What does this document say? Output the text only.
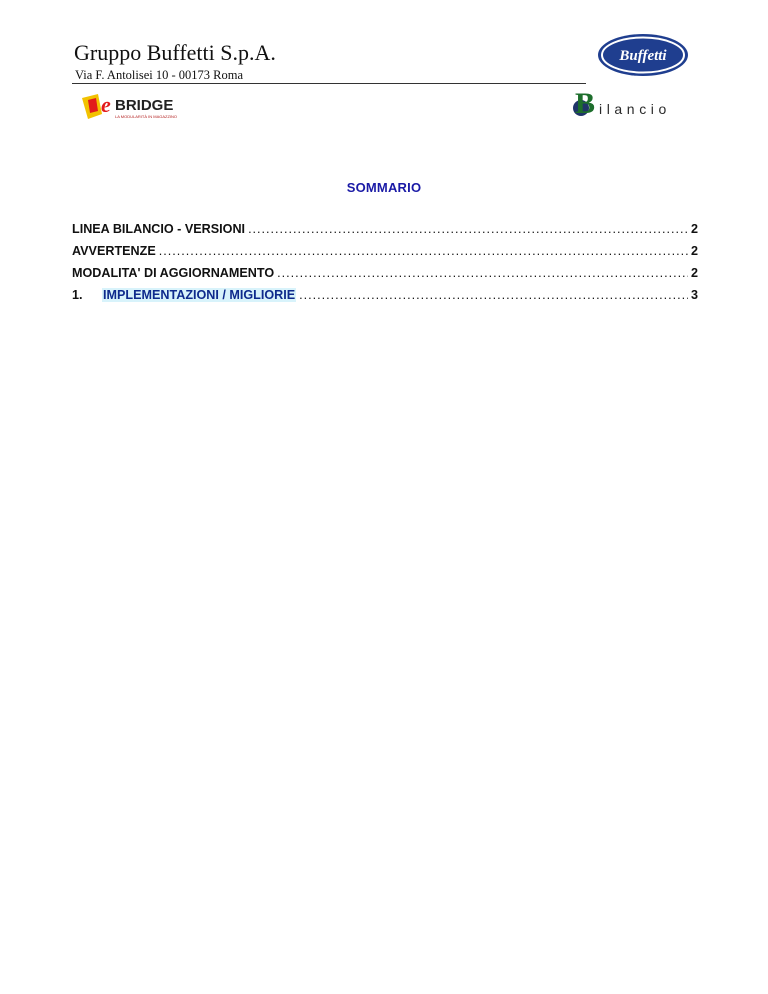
Gruppo Buffetti S.p.A.
Via F. Antolisei 10 - 00173 Roma
Buffetti
e BRIDGE
LA MODULARITÀ IN MAGAZZINO	B ilancio
SOMMARIO
LINEA BILANCIO - VERSIONI .....	2
AVVERTENZE .....	2
MODALITA' DI AGGIORNAMENTO .....	2
1.	IMPLEMENTAZIONI / MIGLIORIE .....	3
